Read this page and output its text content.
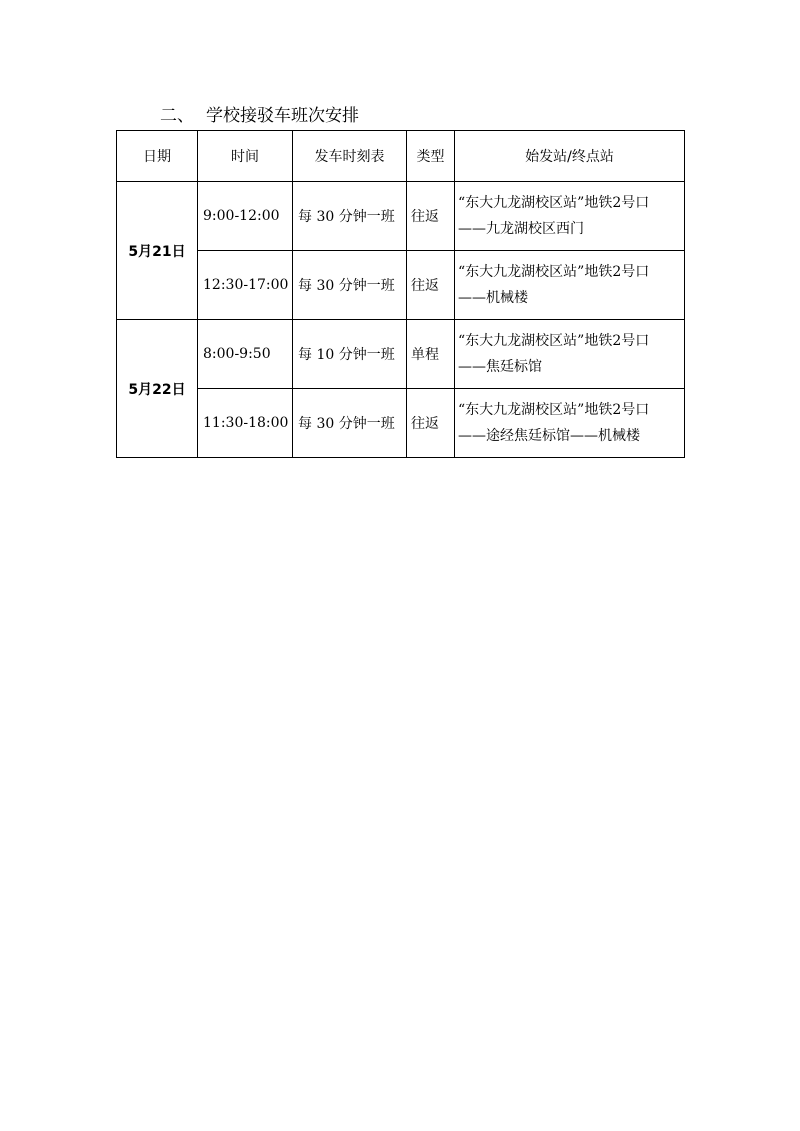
二、 学校接驳车班次安排
日期	时间	发车时刻表	类型	始发站/终点站
5月21日	9:00-12:00	每 30 分钟一班	往返	“东大九龙湖校区站”地铁2号口
——九龙湖校区西门

	12:30-17:00	每 30 分钟一班	往返	“东大九龙湖校区站”地铁2号口
——机械楼

5月22日	8:00-9:50	每 10 分钟一班	单程	“东大九龙湖校区站”地铁2号口
——焦廷标馆

	11:30-18:00	每 30 分钟一班	往返	“东大九龙湖校区站”地铁2号口
——途经焦廷标馆——机械楼
